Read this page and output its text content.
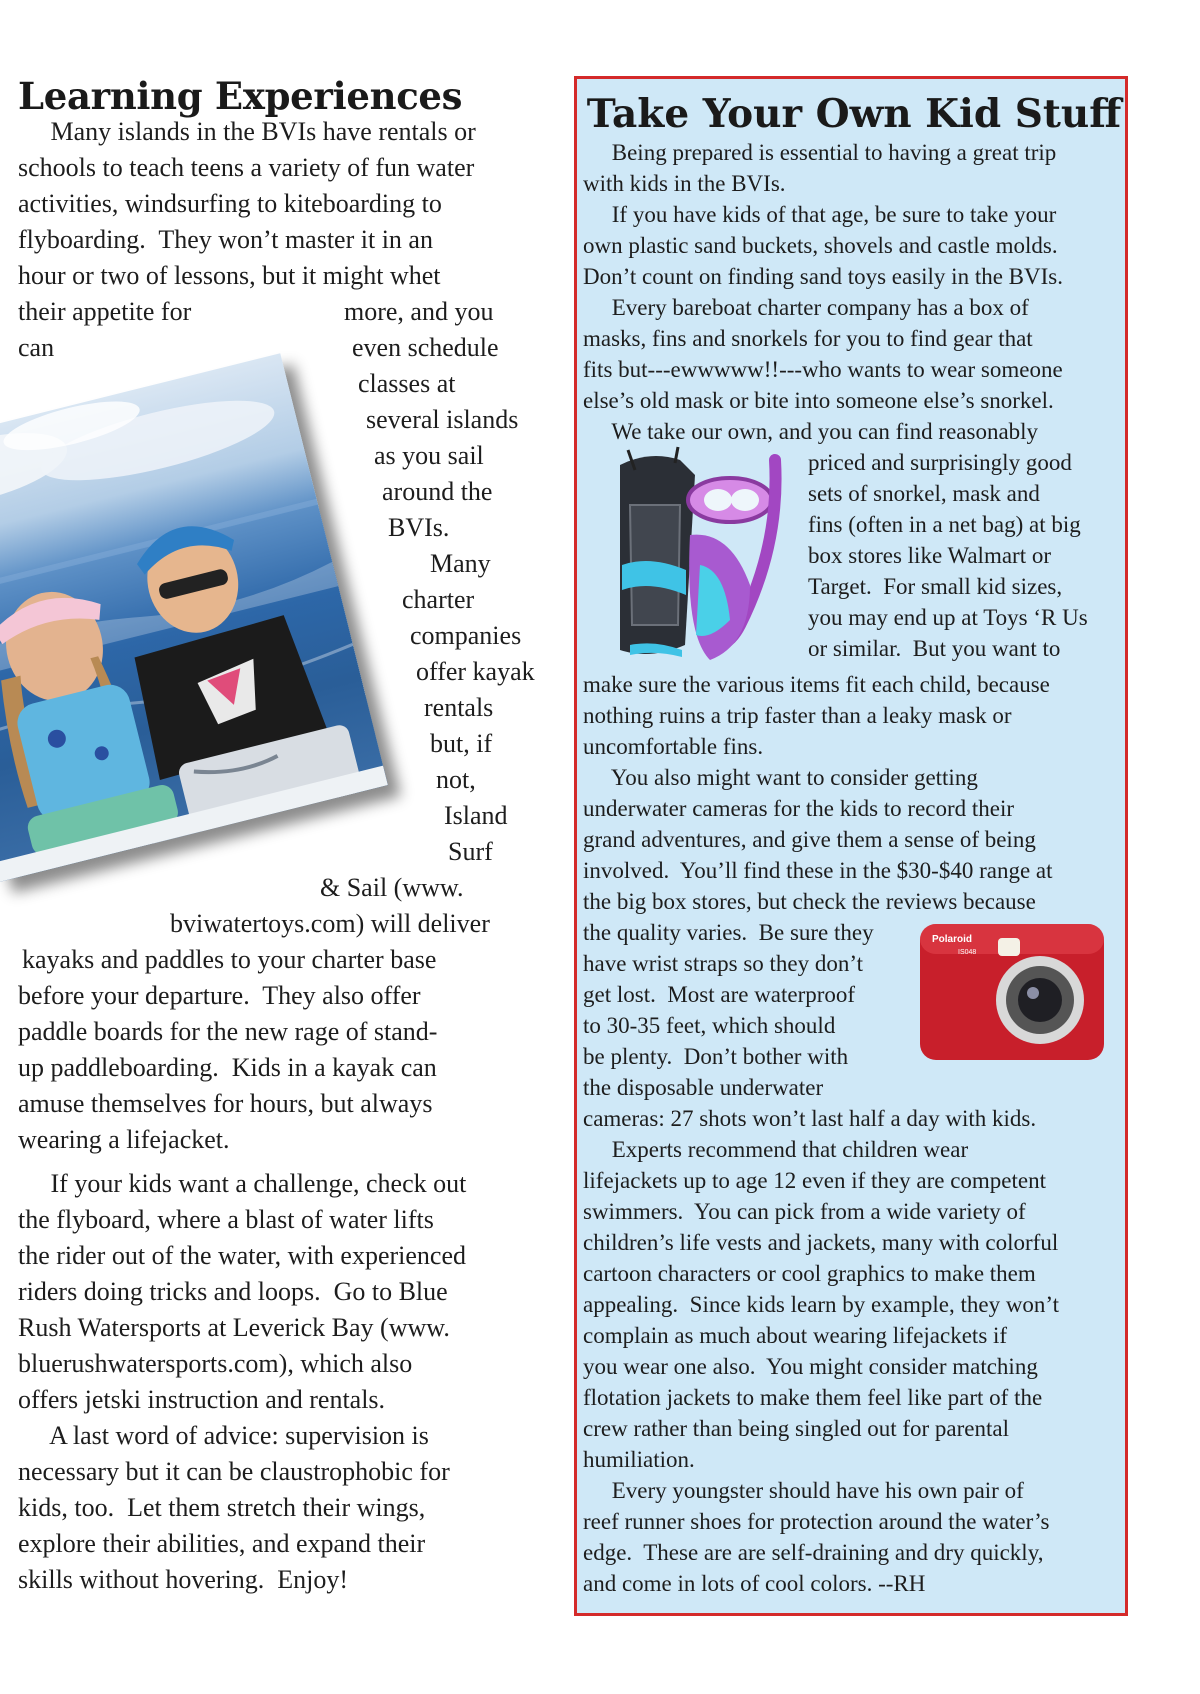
Learning Experiences
Many islands in the BVIs have rentals or
schools to teach teens a variety of fun water
activities, windsurfing to kiteboarding to
flyboarding.  They won’t master it in an
hour or two of lessons, but it might whet
their appetite for	more, and you
can	even schedule
classes at
several islands
as you sail
around the
BVIs.
Many
charter
companies
offer kayak
rentals
but, if
not,
Island
Surf
& Sail (www.
bviwatertoys.com) will deliver
kayaks and paddles to your charter base
before your departure.  They also offer
paddle boards for the new rage of stand-
up paddleboarding.  Kids in a kayak can
amuse themselves for hours, but always
wearing a lifejacket.
If your kids want a challenge, check out
the flyboard, where a blast of water lifts
the rider out of the water, with experienced
riders doing tricks and loops.  Go to Blue
Rush Watersports at Leverick Bay (www.
bluerushwatersports.com), which also
offers jetski instruction and rentals.
A last word of advice: supervision is
necessary but it can be claustrophobic for
kids, too.  Let them stretch their wings,
explore their abilities, and expand their
skills without hovering.  Enjoy!
Take Your Own Kid Stuff
Being prepared is essential to having a great trip
with kids in the BVIs.
If you have kids of that age, be sure to take your
own plastic sand buckets, shovels and castle molds.
Don’t count on finding sand toys easily in the BVIs.
Every bareboat charter company has a box of
masks, fins and snorkels for you to find gear that
fits but---ewwwww!!---who wants to wear someone
else’s old mask or bite into someone else’s snorkel.
We take our own, and you can find reasonably
priced and surprisingly good
sets of snorkel, mask and
fins (often in a net bag) at big
box stores like Walmart or
Target.  For small kid sizes,
you may end up at Toys ‘R Us
or similar.  But you want to
make sure the various items fit each child, because
nothing ruins a trip faster than a leaky mask or
uncomfortable fins.
You also might want to consider getting
underwater cameras for the kids to record their
grand adventures, and give them a sense of being
involved.  You’ll find these in the $30-$40 range at
the big box stores, but check the reviews because
the quality varies.  Be sure they
have wrist straps so they don’t
get lost.  Most are waterproof
to 30-35 feet, which should
be plenty.  Don’t bother with
the disposable underwater
cameras: 27 shots won’t last half a day with kids.
Experts recommend that children wear
lifejackets up to age 12 even if they are competent
swimmers.  You can pick from a wide variety of
children’s life vests and jackets, many with colorful
cartoon characters or cool graphics to make them
appealing.  Since kids learn by example, they won’t
complain as much about wearing lifejackets if
you wear one also.  You might consider matching
flotation jackets to make them feel like part of the
crew rather than being singled out for parental
humiliation.
Every youngster should have his own pair of
reef runner shoes for protection around the water’s
edge.  These are are self-draining and dry quickly,
and come in lots of cool colors. --RH
Polaroid
IS048
